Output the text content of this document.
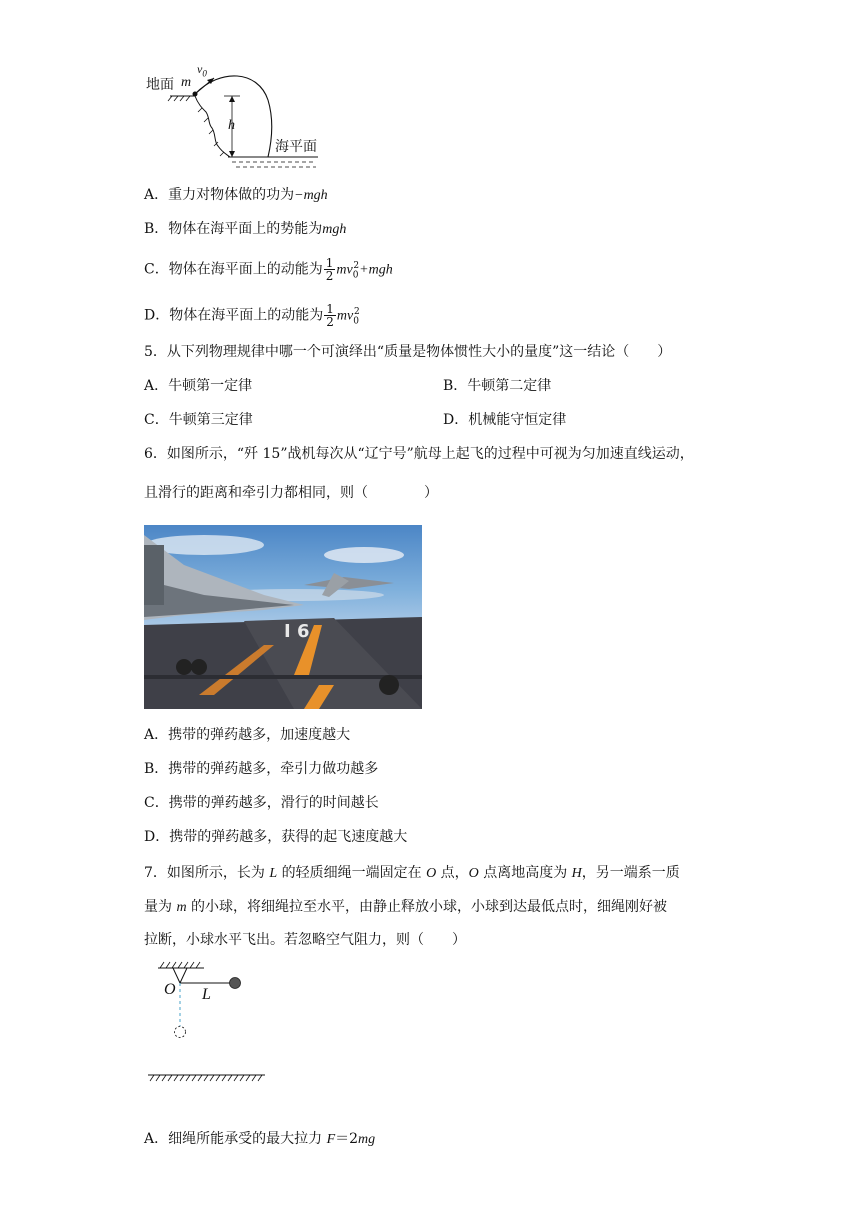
地面 m
$v_0$
h
海平面
A．重力对物体做的功为−mgh
B．物体在海平面上的势能为mgh
C．物体在海平面上的动能为 $\frac{1}{2} mv_0^2+mgh$
D．物体在海平面上的动能为 $\frac{1}{2} mv_0^2$
5．从下列物理规律中哪一个可演绎出“质量是物体惯性大小的量度”这一结论（　　）
A．牛顿第一定律	B．牛顿第二定律
C．牛顿第三定律	D．机械能守恒定律
6．如图所示，“歼 15”战机每次从“辽宁号”航母上起飞的过程中可视为匀加速直线运动，
且滑行的距离和牵引力都相同，则（　　　　）
I 6
A．携带的弹药越多，加速度越大
B．携带的弹药越多，牵引力做功越多
C．携带的弹药越多，滑行的时间越长
D．携带的弹药越多，获得的起飞速度越大
7．如图所示，长为 L 的轻质细绳一端固定在 O 点，O 点离地高度为 H，另一端系一质
量为 m 的小球，将细绳拉至水平，由静止释放小球，小球到达最低点时，细绳刚好被
拉断，小球水平飞出。若忽略空气阻力，则（　　）
O L
A．细绳所能承受的最大拉力 F＝2mg
